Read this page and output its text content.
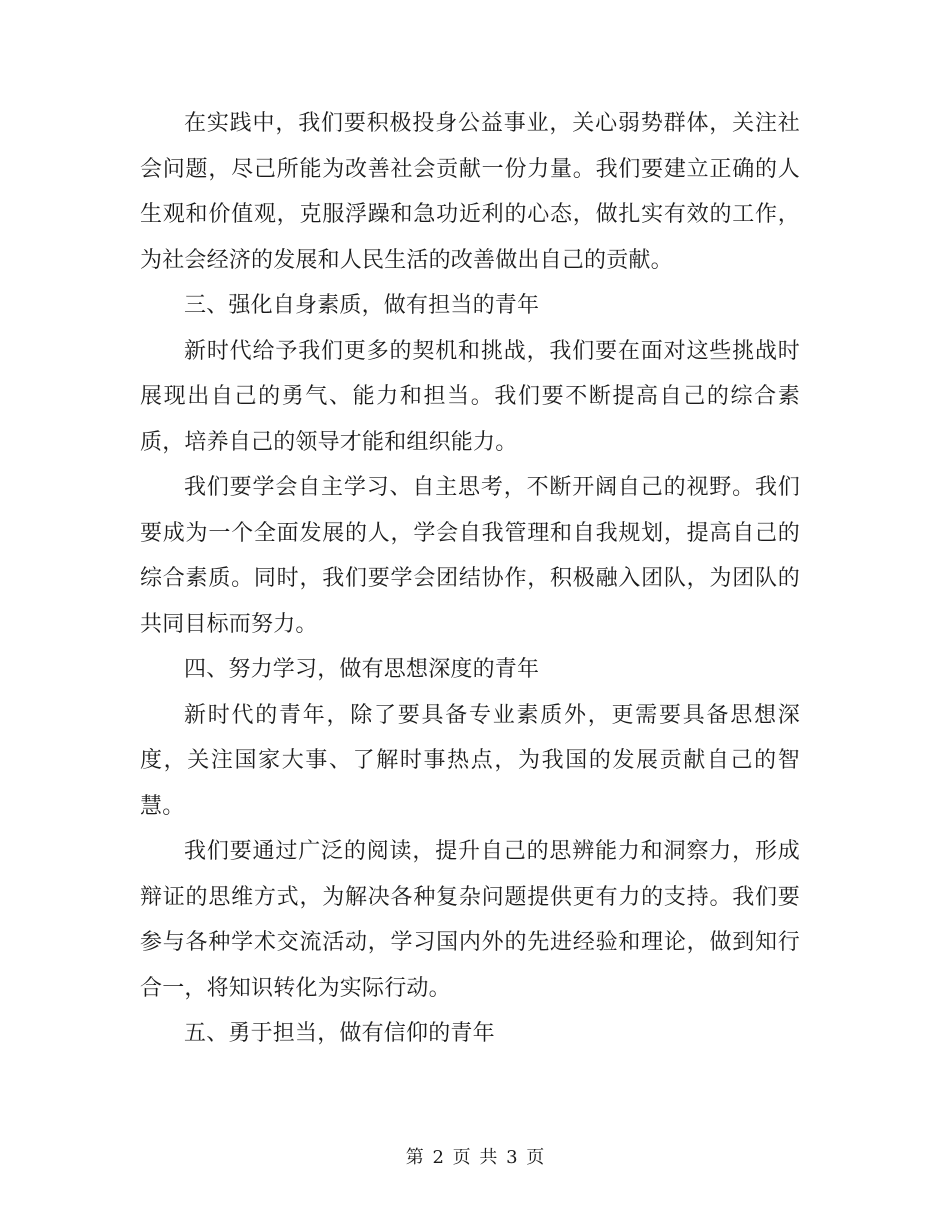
在实践中，我们要积极投身公益事业，关心弱势群体，关注社会问题，尽己所能为改善社会贡献一份力量。我们要建立正确的人生观和价值观，克服浮躁和急功近利的心态，做扎实有效的工作，为社会经济的发展和人民生活的改善做出自己的贡献。

三、强化自身素质，做有担当的青年

新时代给予我们更多的契机和挑战，我们要在面对这些挑战时展现出自己的勇气、能力和担当。我们要不断提高自己的综合素质，培养自己的领导才能和组织能力。

我们要学会自主学习、自主思考，不断开阔自己的视野。我们要成为一个全面发展的人，学会自我管理和自我规划，提高自己的综合素质。同时，我们要学会团结协作，积极融入团队，为团队的共同目标而努力。

四、努力学习，做有思想深度的青年

新时代的青年，除了要具备专业素质外，更需要具备思想深度，关注国家大事、了解时事热点，为我国的发展贡献自己的智慧。

我们要通过广泛的阅读，提升自己的思辨能力和洞察力，形成辩证的思维方式，为解决各种复杂问题提供更有力的支持。我们要参与各种学术交流活动，学习国内外的先进经验和理论，做到知行合一，将知识转化为实际行动。

五、勇于担当，做有信仰的青年

第 2 页 共 3 页
